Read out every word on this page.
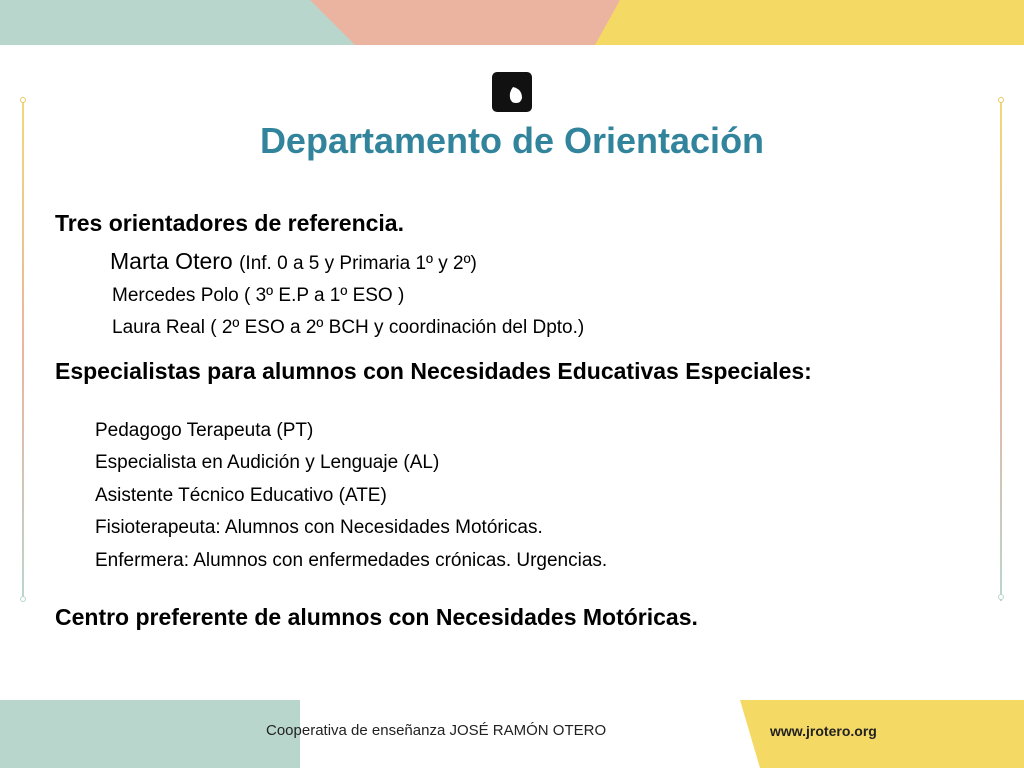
Departamento de Orientación
Tres orientadores de referencia.
Marta Otero (Inf. 0 a 5 y Primaria 1º y 2º)
Mercedes Polo ( 3º E.P a 1º ESO )
Laura Real ( 2º ESO a 2º BCH y coordinación del Dpto.)
Especialistas para alumnos con Necesidades Educativas Especiales:
Pedagogo Terapeuta (PT)
Especialista en Audición y Lenguaje (AL)
Asistente Técnico Educativo (ATE)
Fisioterapeuta: Alumnos con Necesidades Motóricas.
Enfermera: Alumnos con enfermedades crónicas. Urgencias.
Centro preferente de alumnos con Necesidades Motóricas.
Cooperativa de enseñanza JOSÉ RAMÓN OTERO	www.jrotero.org
